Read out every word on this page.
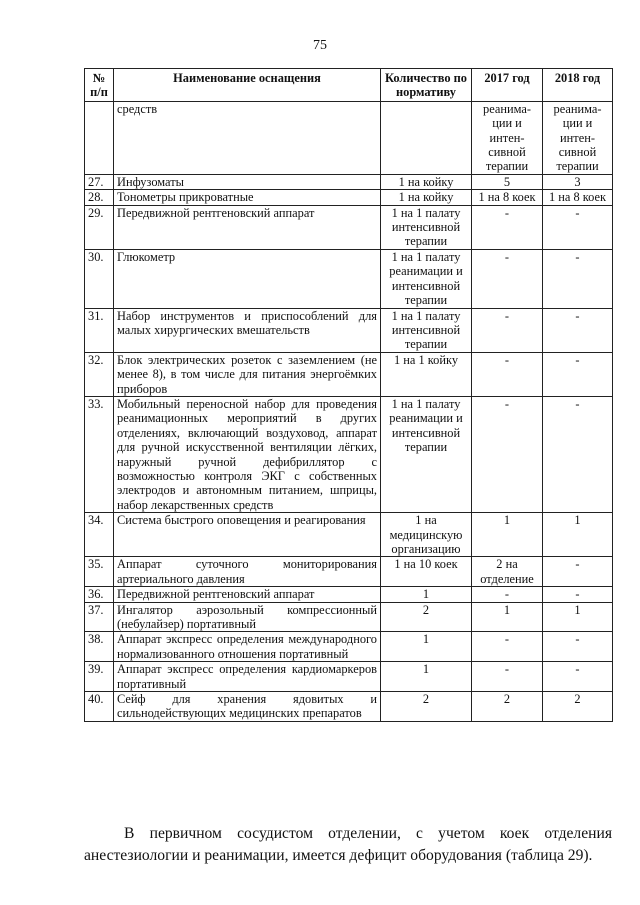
75
№ п/п	Наименование оснащения	Количество по нормативу	2017 год	2018 год
	средств		реанима-ции и интен-сивной терапии	реанима-ции и интен-сивной терапии
27.	Инфузоматы	1 на койку	5	3
28.	Тонометры прикроватные	1 на койку	1 на 8 коек	1 на 8 коек
29.	Передвижной рентгеновский аппарат	1 на 1 палату интенсивной терапии	-	-
30.	Глюкометр	1 на 1 палату реанимации и интенсивной терапии	-	-
31.	Набор инструментов и приспособлений для малых хирургических вмешательств	1 на 1 палату интенсивной терапии	-	-
32.	Блок электрических розеток с заземлением (не менее 8), в том числе для питания энергоёмких приборов	1 на 1 койку	-	-
33.	Мобильный переносной набор для проведения реанимационных мероприятий в других отделениях, включающий воздуховод, аппарат для ручной искусственной вентиляции лёгких, наружный ручной дефибриллятор с возможностью контроля ЭКГ с собственных электродов и автономным питанием, шприцы, набор лекарственных средств	1 на 1 палату реанимации и интенсивной терапии	-	-
34.	Система быстрого оповещения и реагирования	1 на медицинскую организацию	1	1
35.	Аппарат суточного мониторирования артериального давления	1 на 10 коек	2 на отделение	-
36.	Передвижной рентгеновский аппарат	1	-	-
37.	Ингалятор аэрозольный компрессионный (небулайзер) портативный	2	1	1
38.	Аппарат экспресс определения международного нормализованного отношения портативный	1	-	-
39.	Аппарат экспресс определения кардиомаркеров портативный	1	-	-
40.	Сейф для хранения ядовитых и сильнодействующих медицинских препаратов	2	2	2

В первичном сосудистом отделении, с учетом коек отделения анестезиологии и реанимации, имеется дефицит оборудования (таблица 29).
